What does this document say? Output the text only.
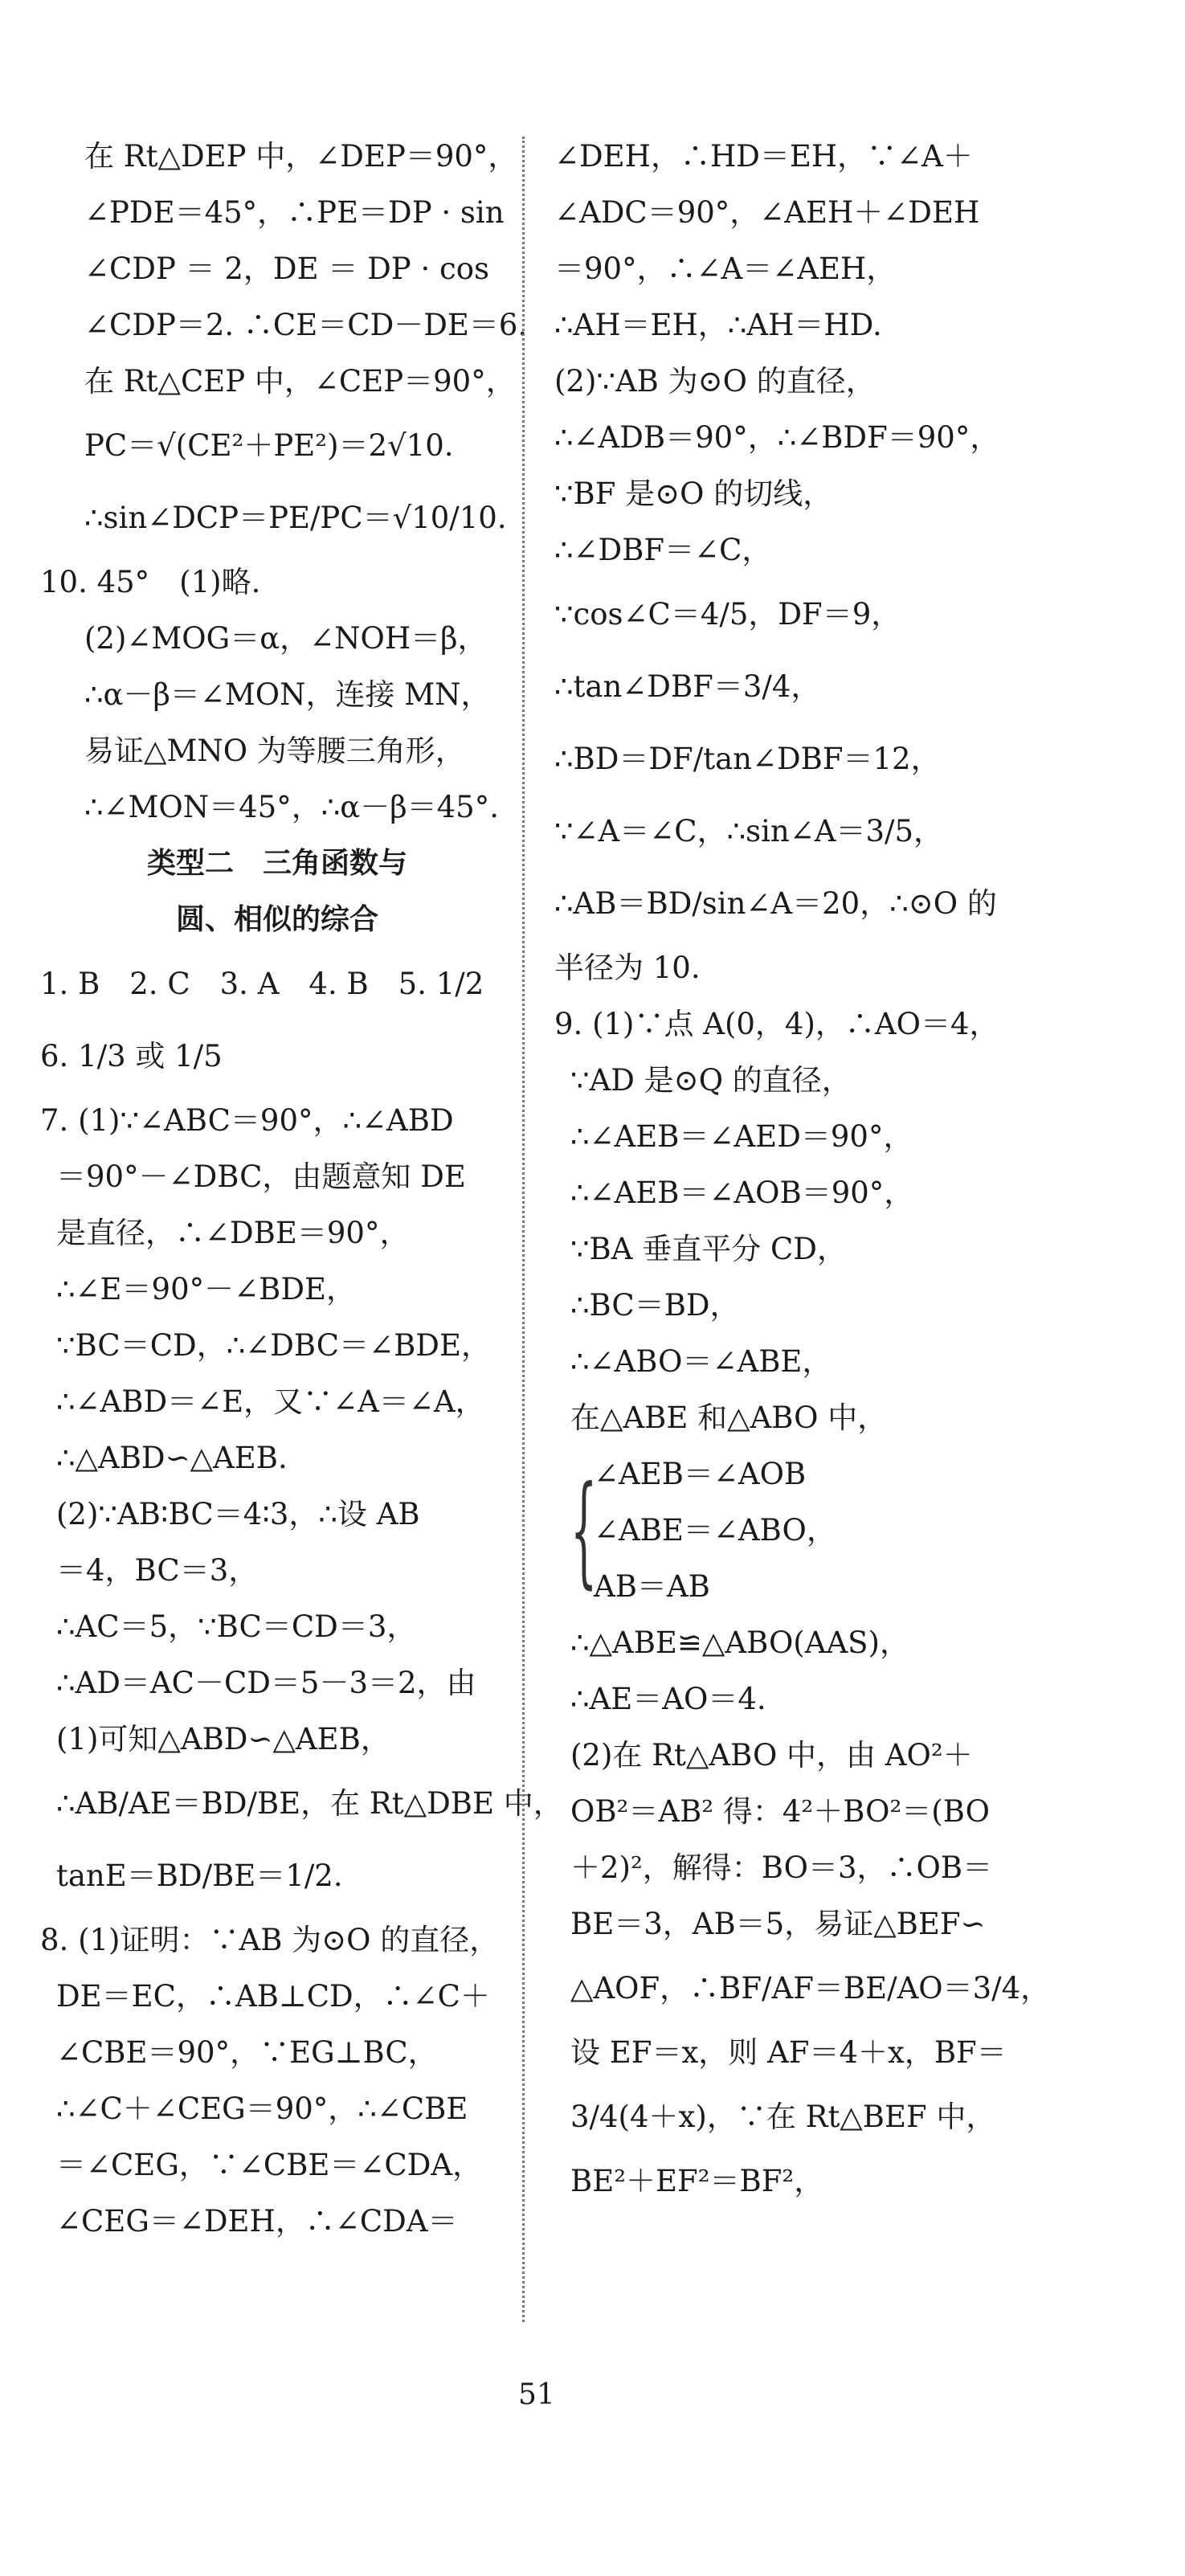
在 Rt△DEP 中，∠DEP＝90°，
∠PDE＝45°，∴PE＝DP · sin
∠CDP ＝ 2，DE ＝ DP · cos
∠CDP＝2. ∴CE＝CD－DE＝6.
在 Rt△CEP 中，∠CEP＝90°，
PC＝√(CE²＋PE²)＝2√10.
∴sin∠DCP＝PE/PC＝√10/10.
10. 45°　(1)略.
(2)∠MOG＝α，∠NOH＝β，
∴α－β＝∠MON，连接 MN，
易证△MNO 为等腰三角形，
∴∠MON＝45°，∴α－β＝45°.
类型二　三角函数与
圆、相似的综合
1. B　2. C　3. A　4. B　5. 1/2
6. 1/3 或 1/5
7. (1)∵∠ABC＝90°，∴∠ABD
＝90°－∠DBC，由题意知 DE
是直径，∴∠DBE＝90°，
∴∠E＝90°－∠BDE，
∵BC＝CD，∴∠DBC＝∠BDE，
∴∠ABD＝∠E，又∵∠A＝∠A，
∴△ABD∽△AEB.
(2)∵AB∶BC＝4∶3，∴设 AB
＝4，BC＝3，
∴AC＝5，∵BC＝CD＝3，
∴AD＝AC－CD＝5－3＝2，由
(1)可知△ABD∽△AEB，
∴AB/AE＝BD/BE，在 Rt△DBE 中，
tanE＝BD/BE＝1/2.
8. (1)证明：∵AB 为⊙O 的直径，
DE＝EC，∴AB⊥CD，∴∠C＋
∠CBE＝90°，∵EG⊥BC，
∴∠C＋∠CEG＝90°，∴∠CBE
＝∠CEG，∵∠CBE＝∠CDA，
∠CEG＝∠DEH，∴∠CDA＝
∠DEH，∴HD＝EH，∵∠A＋
∠ADC＝90°，∠AEH＋∠DEH
＝90°，∴∠A＝∠AEH，
∴AH＝EH，∴AH＝HD.
(2)∵AB 为⊙O 的直径，
∴∠ADB＝90°，∴∠BDF＝90°，
∵BF 是⊙O 的切线，
∴∠DBF＝∠C，
∵cos∠C＝4/5，DF＝9，
∴tan∠DBF＝3/4，
∴BD＝DF/tan∠DBF＝12，
∵∠A＝∠C，∴sin∠A＝3/5，
∴AB＝BD/sin∠A＝20，∴⊙O 的
半径为 10.
9. (1)∵点 A(0，4)，∴AO＝4，
∵AD 是⊙Q 的直径，
∴∠AEB＝∠AED＝90°，
∴∠AEB＝∠AOB＝90°，
∵BA 垂直平分 CD，
∴BC＝BD，
∴∠ABO＝∠ABE，
在△ABE 和△ABO 中，
{
∠AEB＝∠AOB
∠ABE＝∠ABO，
AB＝AB
∴△ABE≌△ABO(AAS)，
∴AE＝AO＝4.
(2)在 Rt△ABO 中，由 AO²＋
OB²＝AB² 得：4²＋BO²＝(BO
＋2)²，解得：BO＝3，∴OB＝
BE＝3，AB＝5，易证△BEF∽
△AOF，∴BF/AF＝BE/AO＝3/4，
设 EF＝x，则 AF＝4＋x，BF＝
3/4(4＋x)，∵在 Rt△BEF 中，
BE²＋EF²＝BF²，
51
